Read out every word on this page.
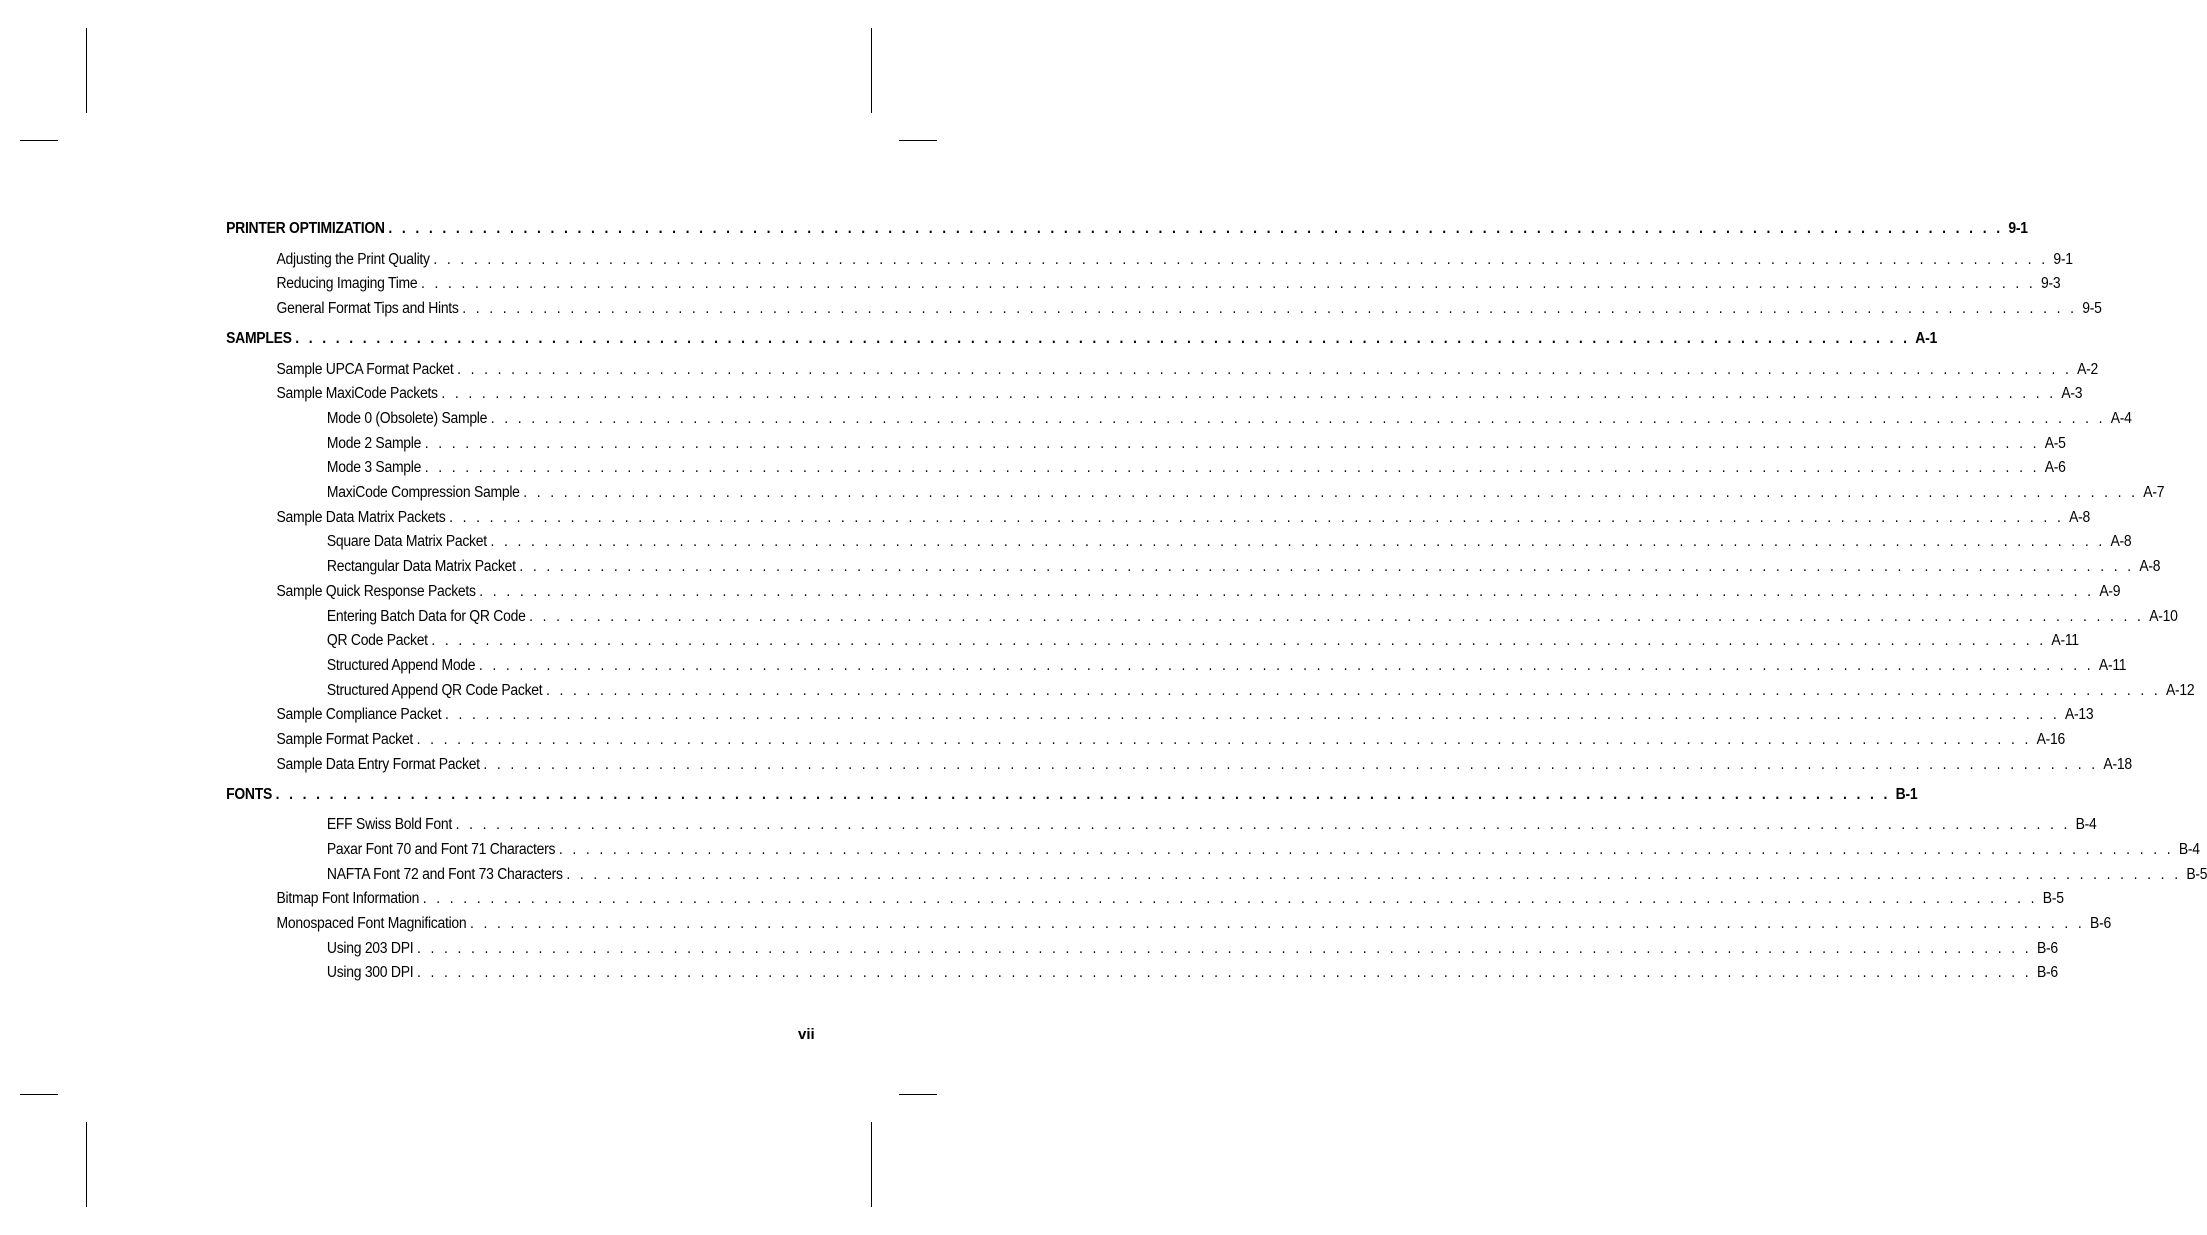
PRINTER OPTIMIZATION . . . . . . . . . . . . . . . . . . . . . . . . . . . . . . . . . . . . . . . . . . . . . . . . . . . . . . . . . . . . . . . . . . . . . . . . . . . . . . . . . . . . . . . . . . . . . . . . . . . . . . . . . . . . . . . . . . . . . . . . 9-1
Adjusting the Print Quality . . . . . . . . . . . . . . . . . . . . . . . . . . . . . . . . . . . . . . . . . . . . . . . . . . . . . . . . . . . . . . . . . . . . . . . . . . . . . . . . . . . . . . . . . . . . . . . . . . . . . . . . . . . . . . . . . . . . . . . . 9-1
Reducing Imaging Time . . . . . . . . . . . . . . . . . . . . . . . . . . . . . . . . . . . . . . . . . . . . . . . . . . . . . . . . . . . . . . . . . . . . . . . . . . . . . . . . . . . . . . . . . . . . . . . . . . . . . . . . . . . . . . . . . . . . . . . . 9-3
General Format Tips and Hints . . . . . . . . . . . . . . . . . . . . . . . . . . . . . . . . . . . . . . . . . . . . . . . . . . . . . . . . . . . . . . . . . . . . . . . . . . . . . . . . . . . . . . . . . . . . . . . . . . . . . . . . . . . . . . . . . . . . . . . . 9-5
SAMPLES . . . . . . . . . . . . . . . . . . . . . . . . . . . . . . . . . . . . . . . . . . . . . . . . . . . . . . . . . . . . . . . . . . . . . . . . . . . . . . . . . . . . . . . . . . . . . . . . . . . . . . . . . . . . . . . . . . . . . . . . A-1
Sample UPCA Format Packet . . . . . . . . . . . . . . . . . . . . . . . . . . . . . . . . . . . . . . . . . . . . . . . . . . . . . . . . . . . . . . . . . . . . . . . . . . . . . . . . . . . . . . . . . . . . . . . . . . . . . . . . . . . . . . . . . . . . . . . . A-2
Sample MaxiCode Packets . . . . . . . . . . . . . . . . . . . . . . . . . . . . . . . . . . . . . . . . . . . . . . . . . . . . . . . . . . . . . . . . . . . . . . . . . . . . . . . . . . . . . . . . . . . . . . . . . . . . . . . . . . . . . . . . . . . . . . . . A-3
Mode 0 (Obsolete) Sample . . . . . . . . . . . . . . . . . . . . . . . . . . . . . . . . . . . . . . . . . . . . . . . . . . . . . . . . . . . . . . . . . . . . . . . . . . . . . . . . . . . . . . . . . . . . . . . . . . . . . . . . . . . . . . . . . . . . . . . . A-4
Mode 2 Sample . . . . . . . . . . . . . . . . . . . . . . . . . . . . . . . . . . . . . . . . . . . . . . . . . . . . . . . . . . . . . . . . . . . . . . . . . . . . . . . . . . . . . . . . . . . . . . . . . . . . . . . . . . . . . . . . . . . . . . . . A-5
Mode 3 Sample . . . . . . . . . . . . . . . . . . . . . . . . . . . . . . . . . . . . . . . . . . . . . . . . . . . . . . . . . . . . . . . . . . . . . . . . . . . . . . . . . . . . . . . . . . . . . . . . . . . . . . . . . . . . . . . . . . . . . . . . A-6
MaxiCode Compression Sample . . . . . . . . . . . . . . . . . . . . . . . . . . . . . . . . . . . . . . . . . . . . . . . . . . . . . . . . . . . . . . . . . . . . . . . . . . . . . . . . . . . . . . . . . . . . . . . . . . . . . . . . . . . . . . . . . . . . . . . . A-7
Sample Data Matrix Packets . . . . . . . . . . . . . . . . . . . . . . . . . . . . . . . . . . . . . . . . . . . . . . . . . . . . . . . . . . . . . . . . . . . . . . . . . . . . . . . . . . . . . . . . . . . . . . . . . . . . . . . . . . . . . . . . . . . . . . . . A-8
Square Data Matrix Packet . . . . . . . . . . . . . . . . . . . . . . . . . . . . . . . . . . . . . . . . . . . . . . . . . . . . . . . . . . . . . . . . . . . . . . . . . . . . . . . . . . . . . . . . . . . . . . . . . . . . . . . . . . . . . . . . . . . . . . . . A-8
Rectangular Data Matrix Packet . . . . . . . . . . . . . . . . . . . . . . . . . . . . . . . . . . . . . . . . . . . . . . . . . . . . . . . . . . . . . . . . . . . . . . . . . . . . . . . . . . . . . . . . . . . . . . . . . . . . . . . . . . . . . . . . . . . . . . . . A-8
Sample Quick Response Packets . . . . . . . . . . . . . . . . . . . . . . . . . . . . . . . . . . . . . . . . . . . . . . . . . . . . . . . . . . . . . . . . . . . . . . . . . . . . . . . . . . . . . . . . . . . . . . . . . . . . . . . . . . . . . . . . . . . . . . . . A-9
Entering Batch Data for QR Code . . . . . . . . . . . . . . . . . . . . . . . . . . . . . . . . . . . . . . . . . . . . . . . . . . . . . . . . . . . . . . . . . . . . . . . . . . . . . . . . . . . . . . . . . . . . . . . . . . . . . . . . . . . . . . . . . . . . . . . . A-10
QR Code Packet . . . . . . . . . . . . . . . . . . . . . . . . . . . . . . . . . . . . . . . . . . . . . . . . . . . . . . . . . . . . . . . . . . . . . . . . . . . . . . . . . . . . . . . . . . . . . . . . . . . . . . . . . . . . . . . . . . . . . . . . A-11
Structured Append Mode . . . . . . . . . . . . . . . . . . . . . . . . . . . . . . . . . . . . . . . . . . . . . . . . . . . . . . . . . . . . . . . . . . . . . . . . . . . . . . . . . . . . . . . . . . . . . . . . . . . . . . . . . . . . . . . . . . . . . . . . A-11
Structured Append QR Code Packet . . . . . . . . . . . . . . . . . . . . . . . . . . . . . . . . . . . . . . . . . . . . . . . . . . . . . . . . . . . . . . . . . . . . . . . . . . . . . . . . . . . . . . . . . . . . . . . . . . . . . . . . . . . . . . . . . . . . . . . . A-12
Sample Compliance Packet . . . . . . . . . . . . . . . . . . . . . . . . . . . . . . . . . . . . . . . . . . . . . . . . . . . . . . . . . . . . . . . . . . . . . . . . . . . . . . . . . . . . . . . . . . . . . . . . . . . . . . . . . . . . . . . . . . . . . . . . A-13
Sample Format Packet . . . . . . . . . . . . . . . . . . . . . . . . . . . . . . . . . . . . . . . . . . . . . . . . . . . . . . . . . . . . . . . . . . . . . . . . . . . . . . . . . . . . . . . . . . . . . . . . . . . . . . . . . . . . . . . . . . . . . . . . A-16
Sample Data Entry Format Packet . . . . . . . . . . . . . . . . . . . . . . . . . . . . . . . . . . . . . . . . . . . . . . . . . . . . . . . . . . . . . . . . . . . . . . . . . . . . . . . . . . . . . . . . . . . . . . . . . . . . . . . . . . . . . . . . . . . . . . . . A-18
FONTS . . . . . . . . . . . . . . . . . . . . . . . . . . . . . . . . . . . . . . . . . . . . . . . . . . . . . . . . . . . . . . . . . . . . . . . . . . . . . . . . . . . . . . . . . . . . . . . . . . . . . . . . . . . . . . . . . . . . . . . . B-1
EFF Swiss Bold Font . . . . . . . . . . . . . . . . . . . . . . . . . . . . . . . . . . . . . . . . . . . . . . . . . . . . . . . . . . . . . . . . . . . . . . . . . . . . . . . . . . . . . . . . . . . . . . . . . . . . . . . . . . . . . . . . . . . . . . . . B-4
Paxar Font 70 and Font 71 Characters . . . . . . . . . . . . . . . . . . . . . . . . . . . . . . . . . . . . . . . . . . . . . . . . . . . . . . . . . . . . . . . . . . . . . . . . . . . . . . . . . . . . . . . . . . . . . . . . . . . . . . . . . . . . . . . . . . . . . . . . B-4
NAFTA Font 72 and Font 73 Characters . . . . . . . . . . . . . . . . . . . . . . . . . . . . . . . . . . . . . . . . . . . . . . . . . . . . . . . . . . . . . . . . . . . . . . . . . . . . . . . . . . . . . . . . . . . . . . . . . . . . . . . . . . . . . . . . . . . . . . . . B-5
Bitmap Font Information . . . . . . . . . . . . . . . . . . . . . . . . . . . . . . . . . . . . . . . . . . . . . . . . . . . . . . . . . . . . . . . . . . . . . . . . . . . . . . . . . . . . . . . . . . . . . . . . . . . . . . . . . . . . . . . . . . . . . . . . B-5
Monospaced Font Magnification . . . . . . . . . . . . . . . . . . . . . . . . . . . . . . . . . . . . . . . . . . . . . . . . . . . . . . . . . . . . . . . . . . . . . . . . . . . . . . . . . . . . . . . . . . . . . . . . . . . . . . . . . . . . . . . . . . . . . . . . B-6
Using 203 DPI . . . . . . . . . . . . . . . . . . . . . . . . . . . . . . . . . . . . . . . . . . . . . . . . . . . . . . . . . . . . . . . . . . . . . . . . . . . . . . . . . . . . . . . . . . . . . . . . . . . . . . . . . . . . . . . . . . . . . . . . B-6
Using 300 DPI . . . . . . . . . . . . . . . . . . . . . . . . . . . . . . . . . . . . . . . . . . . . . . . . . . . . . . . . . . . . . . . . . . . . . . . . . . . . . . . . . . . . . . . . . . . . . . . . . . . . . . . . . . . . . . . . . . . . . . . . B-6
vii
